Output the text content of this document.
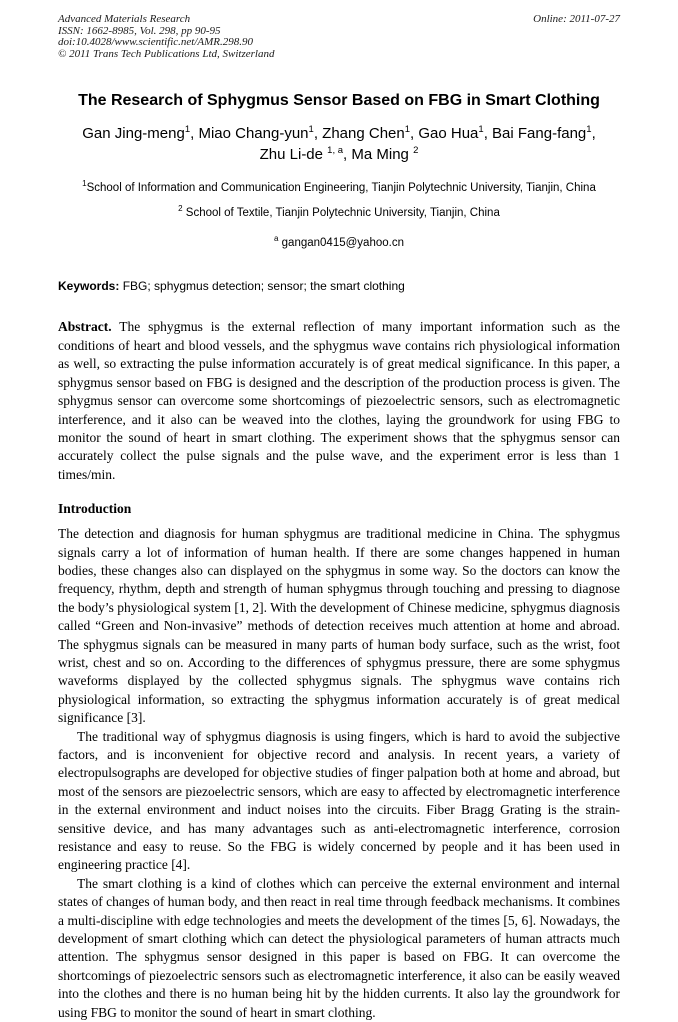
Advanced Materials Research
ISSN: 1662-8985, Vol. 298, pp 90-95
doi:10.4028/www.scientific.net/AMR.298.90
© 2011 Trans Tech Publications Ltd, Switzerland
Online: 2011-07-27
The Research of Sphygmus Sensor Based on FBG in Smart Clothing
Gan Jing-meng$^1$, Miao Chang-yun$^1$, Zhang Chen$^1$, Gao Hua$^1$, Bai Fang-fang$^1$,
Zhu Li-de $^{1, a}$, Ma Ming $^2$
$^1$School of Information and Communication Engineering, Tianjin Polytechnic University, Tianjin, China
$^2$ School of Textile, Tianjin Polytechnic University, Tianjin, China
$^a$ gangan0415@yahoo.cn
Keywords: FBG; sphygmus detection; sensor; the smart clothing

Abstract. The sphygmus is the external reflection of many important information such as the conditions of heart and blood vessels, and the sphygmus wave contains rich physiological information as well, so extracting the pulse information accurately is of great medical significance. In this paper, a sphygmus sensor based on FBG is designed and the description of the production process is given. The sphygmus sensor can overcome some shortcomings of piezoelectric sensors, such as electromagnetic interference, and it also can be weaved into the clothes, laying the groundwork for using FBG to monitor the sound of heart in smart clothing. The experiment shows that the sphygmus sensor can accurately collect the pulse signals and the pulse wave, and the experiment error is less than 1 times/min.

Introduction

The detection and diagnosis for human sphygmus are traditional medicine in China. The sphygmus signals carry a lot of information of human health. If there are some changes happened in human bodies, these changes also can displayed on the sphygmus in some way. So the doctors can know the frequency, rhythm, depth and strength of human sphygmus through touching and pressing to diagnose the body’s physiological system [1, 2]. With the development of Chinese medicine, sphygmus diagnosis called “Green and Non-invasive” methods of detection receives much attention at home and abroad. The sphygmus signals can be measured in many parts of human body surface, such as the wrist, foot wrist, chest and so on. According to the differences of sphygmus pressure, there are some sphygmus waveforms displayed by the collected sphygmus signals. The sphygmus wave contains rich physiological information, so extracting the sphygmus information accurately is of great medical significance [3].

The traditional way of sphygmus diagnosis is using fingers, which is hard to avoid the subjective factors, and is inconvenient for objective record and analysis. In recent years, a variety of electropulsographs are developed for objective studies of finger palpation both at home and abroad, but most of the sensors are piezoelectric sensors, which are easy to affected by electromagnetic interference in the external environment and induct noises into the circuits. Fiber Bragg Grating is the strain-sensitive device, and has many advantages such as anti-electromagnetic interference, corrosion resistance and easy to reuse. So the FBG is widely concerned by people and it has been used in engineering practice [4].

The smart clothing is a kind of clothes which can perceive the external environment and internal states of changes of human body, and then react in real time through feedback mechanisms. It combines a multi-discipline with edge technologies and meets the development of the times [5, 6]. Nowadays, the development of smart clothing which can detect the physiological parameters of human attracts much attention. The sphygmus sensor designed in this paper is based on FBG. It can overcome the shortcomings of piezoelectric sensors such as electromagnetic interference, it also can be easily weaved into the clothes and there is no human being hit by the hidden currents. It also lay the groundwork for using FBG to monitor the sound of heart in smart clothing.
